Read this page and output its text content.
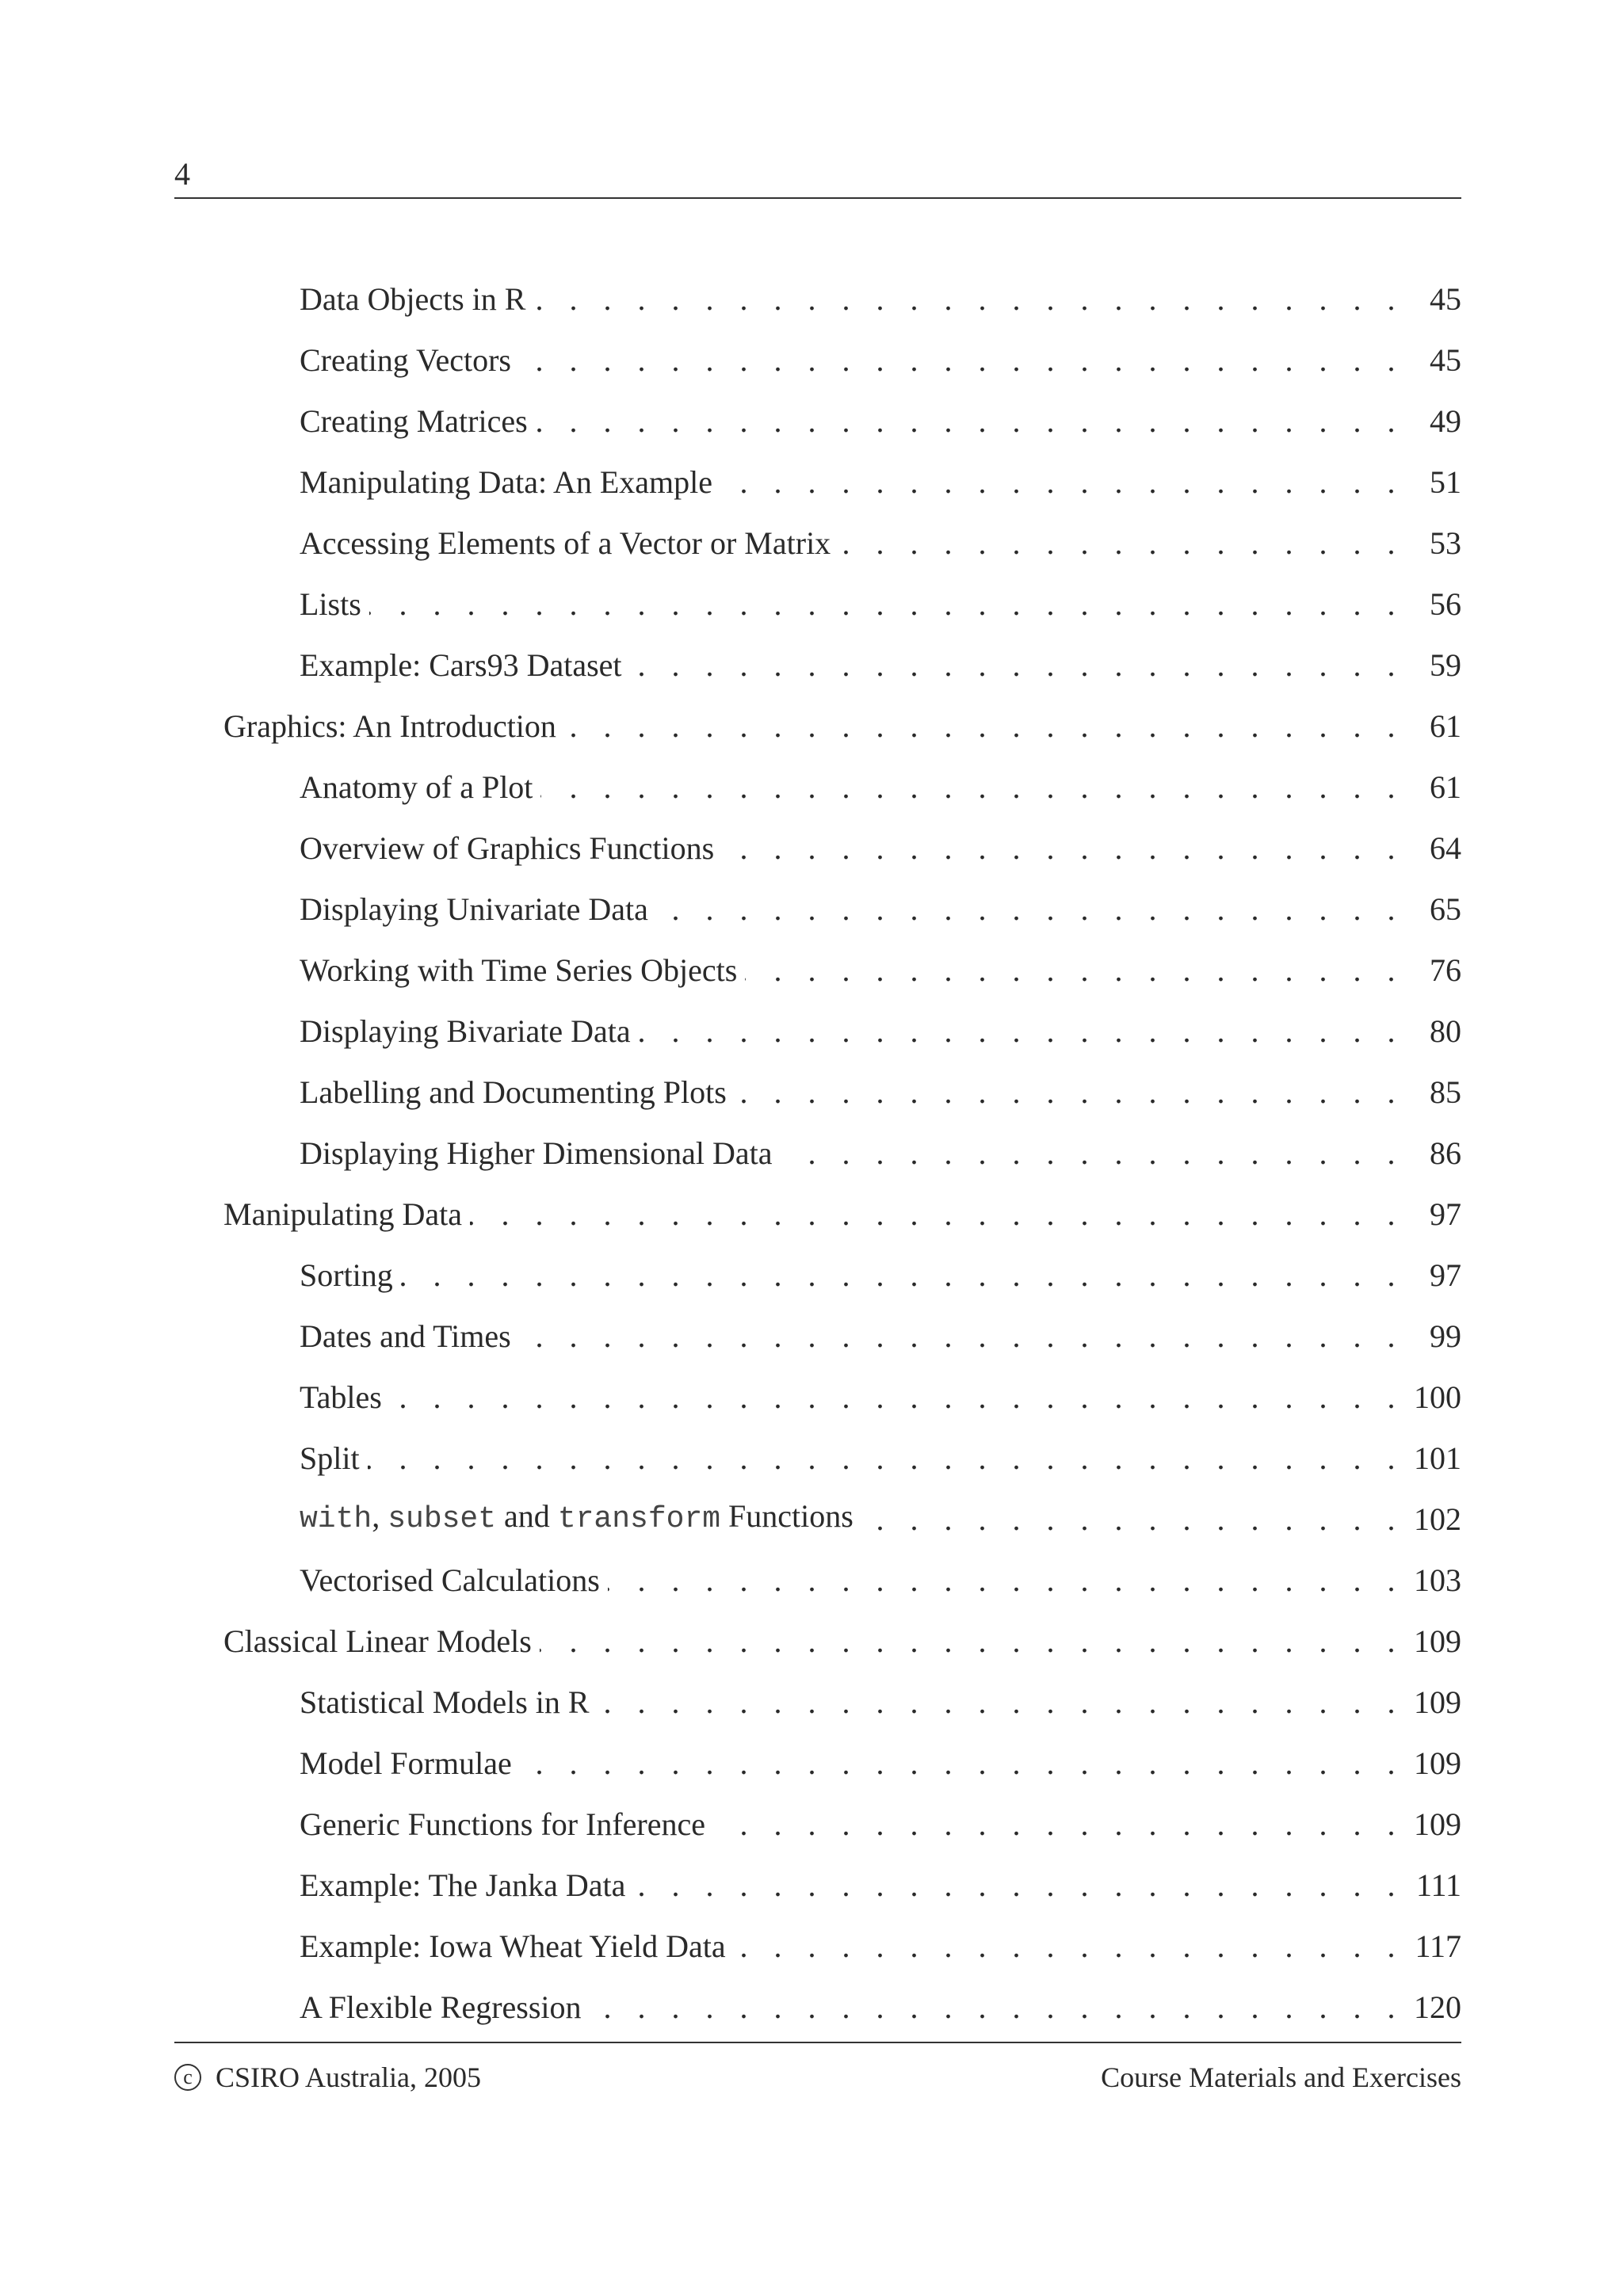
4
Data Objects in R . . .	45
Creating Vectors . . .	45
Creating Matrices . . .	49
Manipulating Data: An Example . . .	51
Accessing Elements of a Vector or Matrix . . .	53
Lists . . .	56
Example: Cars93 Dataset . . .	59
Graphics: An Introduction . . .	61
Anatomy of a Plot . . .	61
Overview of Graphics Functions . . .	64
Displaying Univariate Data . . .	65
Working with Time Series Objects . . .	76
Displaying Bivariate Data . . .	80
Labelling and Documenting Plots . . .	85
Displaying Higher Dimensional Data . . .	86
Manipulating Data . . .	97
Sorting . . .	97
Dates and Times . . .	99
Tables . . .	100
Split . . .	101
with, subset and transform Functions . . .	102
Vectorised Calculations . . .	103
Classical Linear Models . . .	109
Statistical Models in R . . .	109
Model Formulae . . .	109
Generic Functions for Inference . . .	109
Example: The Janka Data . . .	111
Example: Iowa Wheat Yield Data . . .	117
A Flexible Regression . . .	120
c CSIRO Australia, 2005	Course Materials and Exercises
